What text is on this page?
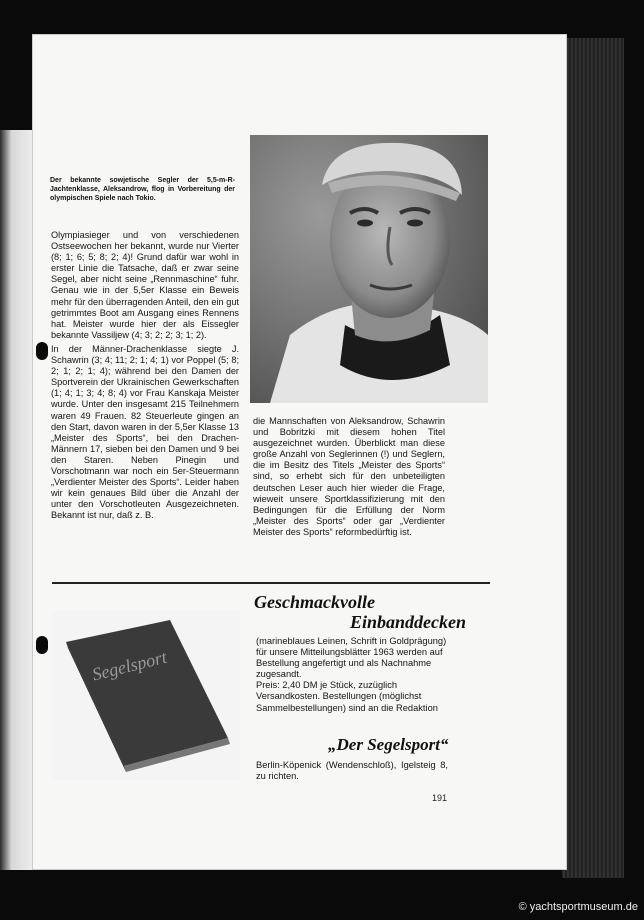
Der bekannte sowjetische Segler der 5,5-m-R-Jachtenklasse, Aleksandrow, flog in Vorbereitung der olympischen Spiele nach Tokio.

Olympiasieger und von verschiedenen Ostseewochen her bekannt, wurde nur Vierter (8; 1; 6; 5; 8; 2; 4)! Grund dafür war wohl in erster Linie die Tatsache, daß er zwar seine Segel, aber nicht seine „Rennmaschine“ fuhr. Genau wie in der 5,5er Klasse ein Beweis mehr für den überragenden Anteil, den ein gut getrimmtes Boot am Ausgang eines Rennens hat. Meister wurde hier der als Eissegler bekannte Vassiljew (4; 3; 2; 2; 3; 1; 2).

In der Männer-Drachenklasse siegte J. Schawrin (3; 4; 11; 2; 1; 4; 1) vor Poppel (5; 8; 2; 1; 2; 1; 4); während bei den Damen der Sportverein der Ukrainischen Gewerkschaften (1; 4; 1; 3; 4; 8; 4) vor Frau Kanskaja Meister wurde. Unter den insgesamt 215 Teilnehmern waren 49 Frauen. 82 Steuerleute gingen an den Start, davon waren in der 5,5er Klasse 13 „Meister des Sports“, bei den Drachen-Männern 17, sieben bei den Damen und 9 bei den Staren. Neben Pinegin und Vorschotmann war noch ein 5er-Steuermann „Verdienter Meister des Sports“. Leider haben wir kein genaues Bild über die Anzahl der unter den Vorschotleuten Ausgezeichneten. Bekannt ist nur, daß z. B.

die Mannschaften von Aleksandrow, Schawrin und Bobritzki mit diesem hohen Titel ausgezeichnet wurden. Überblickt man diese große Anzahl von Seglerinnen (!) und Seglern, die im Besitz des Titels „Meister des Sports“ sind, so erhebt sich für den unbeteiligten deutschen Leser auch hier wieder die Frage, wieweit unsere Sportklassifizierung mit den Bedingungen für die Erfüllung der Norm „Meister des Sports“ oder gar „Verdienter Meister des Sports“ reformbedürftig ist.

Segelsport
Geschmackvolle
Einbanddecken

(marineblaues Leinen, Schrift in Goldprägung) für unsere Mitteilungsblätter 1963 werden auf Bestellung angefertigt und als Nachnahme zugesandt.

Preis: 2,40 DM je Stück, zuzüglich Versandkosten. Bestellungen (möglichst Sammelbestellungen) sind an die Redaktion

„Der Segelsport“
Berlin-Köpenick (Wendenschloß), Igelsteig 8, zu richten.
191
© yachtsportmuseum.de
